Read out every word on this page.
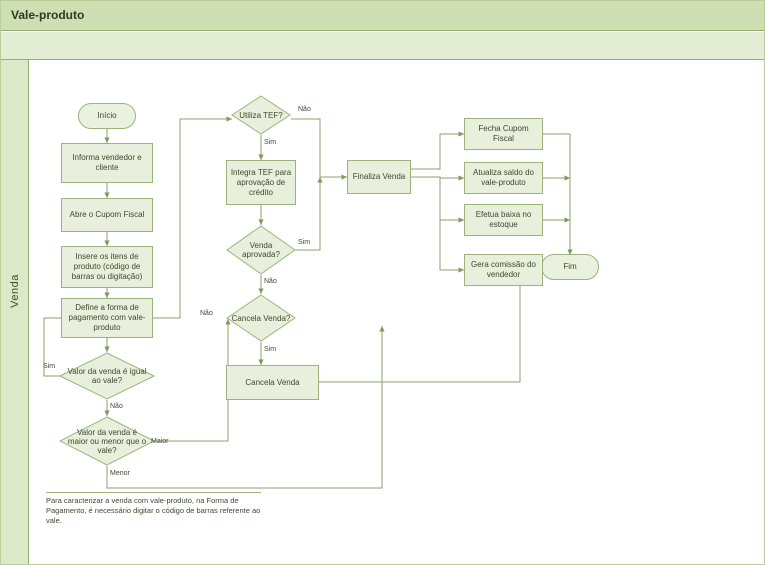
Vale-produto
Venda
Início
Fim
Informa vendedor e cliente
Abre o Cupom Fiscal
Insere os itens de produto (código de barras ou digitação)
Define a forma de pagamento com vale-produto
Valor da venda é igual ao vale?
Valor da venda é maior ou menor que o vale?
Utiliza TEF?
Integra TEF para aprovação de crédito
Venda aprovada?
Cancela Venda?
Cancela Venda
Finaliza Venda
Fecha Cupom Fiscal
Atualiza saldo do vale-produto
Efetua baixa no estoque
Gera comissão do vendedor
Não
Sim
Sim
Não
Não
Sim
Sim
Não
Maior
Menor
Para caracterizar a venda com vale-produto, na Forma de Pagamento, é necessário digitar o código de barras referente ao vale.
